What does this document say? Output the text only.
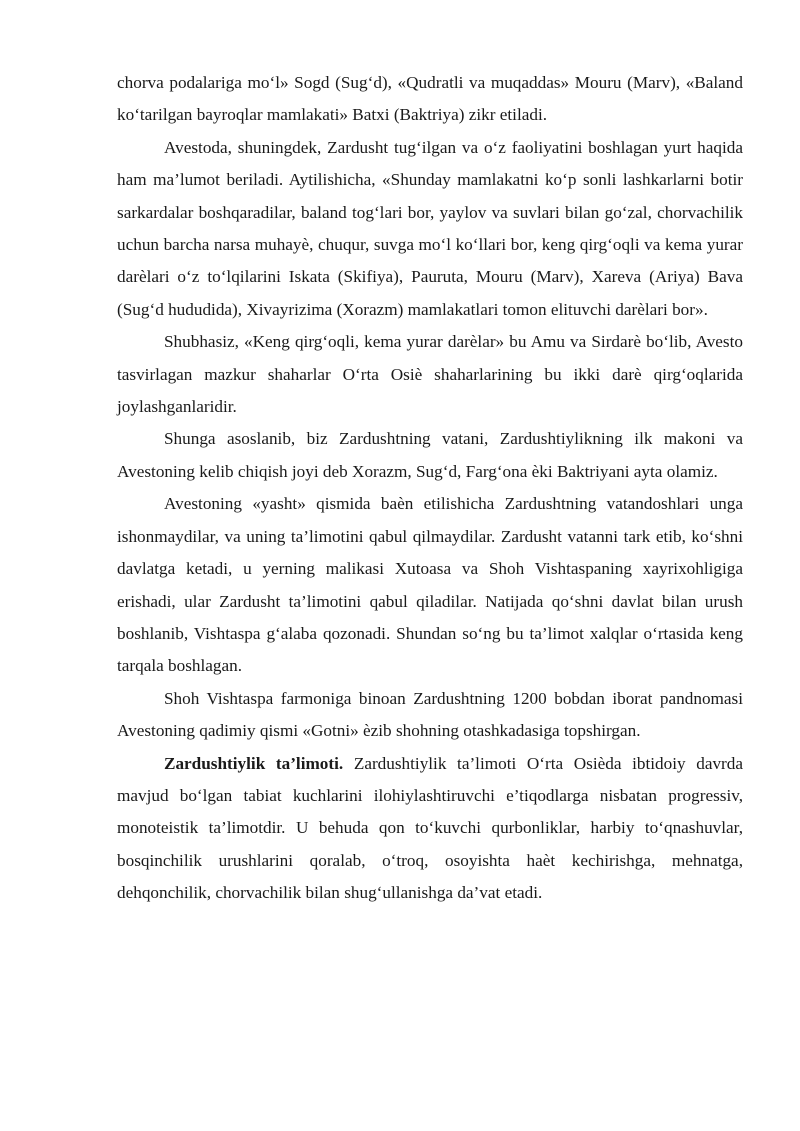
chorva podalariga mo‘l» Sogd (Sug‘d), «Qudratli va muqaddas» Mouru (Marv), «Baland ko‘tarilgan bayroqlar mamlakati» Batxi (Baktriya) zikr etiladi.

Avestoda, shuningdek, Zardusht tug‘ilgan va o‘z faoliyatini boshlagan yurt haqida ham ma’lumot beriladi. Aytilishicha, «Shunday mamlakatni ko‘p sonli lashkarlarni botir sarkardalar boshqaradilar, baland tog‘lari bor, yaylov va suvlari bilan go‘zal, chorvachilik uchun barcha narsa muhayè, chuqur, suvga mo‘l ko‘llari bor, keng qirg‘oqli va kema yurar darèlari o‘z to‘lqilarini Iskata (Skifiya), Pauruta, Mouru (Marv), Xareva (Ariya) Bava (Sug‘d hududida), Xivayrizima (Xorazm) mamlakatlari tomon elituvchi darèlari bor».

Shubhasiz, «Keng qirg‘oqli, kema yurar darèlar» bu Amu va Sirdarè bo‘lib, Avesto tasvirlagan mazkur shaharlar O‘rta Osiè shaharlarining bu ikki darè qirg‘oqlarida joylashganlaridir.

Shunga asoslanib, biz Zardushtning vatani, Zardushtiylikning ilk makoni va Avestoning kelib chiqish joyi deb Xorazm, Sug‘d, Farg‘ona èki Baktriyani ayta olamiz.

Avestoning «yasht» qismida baèn etilishicha Zardushtning vatandoshlari unga ishonmaydilar, va uning ta’limotini qabul qilmaydilar. Zardusht vatanni tark etib, ko‘shni davlatga ketadi, u yerning malikasi Xutoasa va Shoh Vishtaspaning xayrixohligiga erishadi, ular Zardusht ta’limotini qabul qiladilar. Natijada qo‘shni davlat bilan urush boshlanib, Vishtaspa g‘alaba qozonadi. Shundan so‘ng bu ta’limot xalqlar o‘rtasida keng tarqala boshlagan.

Shoh Vishtaspa farmoniga binoan Zardushtning 1200 bobdan iborat pandnomasi Avestoning qadimiy qismi «Gotni» èzib shohning otashkadasiga topshirgan.

Zardushtiylik ta’limoti. Zardushtiylik ta’limoti O‘rta Osièda ibtidoiy davrda mavjud bo‘lgan tabiat kuchlarini ilohiylashtiruvchi e’tiqodlarga nisbatan progressiv, monoteistik ta’limotdir. U behuda qon to‘kuvchi qurbonliklar, harbiy to‘qnashuvlar, bosqinchilik urushlarini qoralab, o‘troq, osoyishta haèt kechirishga, mehnatga, dehqonchilik, chorvachilik bilan shug‘ullanishga da’vat etadi.
